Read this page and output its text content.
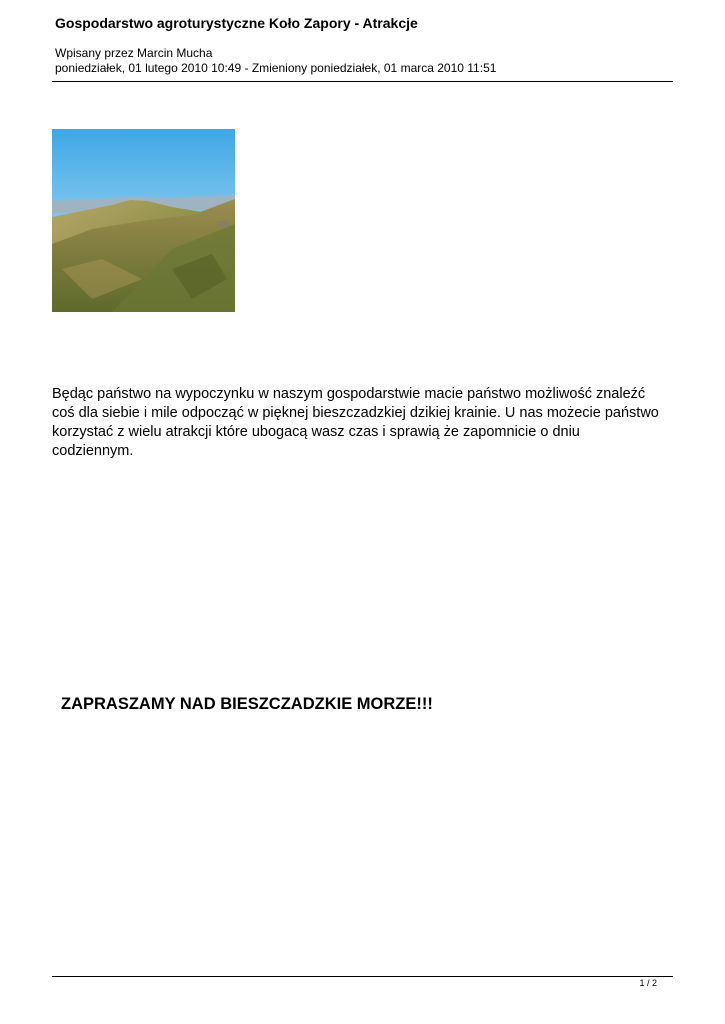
Gospodarstwo agroturystyczne Koło Zapory - Atrakcje
Wpisany przez Marcin Mucha
poniedziałek, 01 lutego 2010 10:49 - Zmieniony poniedziałek, 01 marca 2010 11:51
Będąc państwo na wypoczynku w naszym gospodarstwie macie państwo możliwość znaleźć
coś dla siebie i mile odpocząć w pięknej bieszczadzkiej dzikiej krainie. U nas możecie państwo
korzystać z wielu atrakcji które ubogacą wasz czas i sprawią że zapomnicie o dniu
codziennym.
ZAPRASZAMY NAD BIESZCZADZKIE MORZE!!!
1 / 2
